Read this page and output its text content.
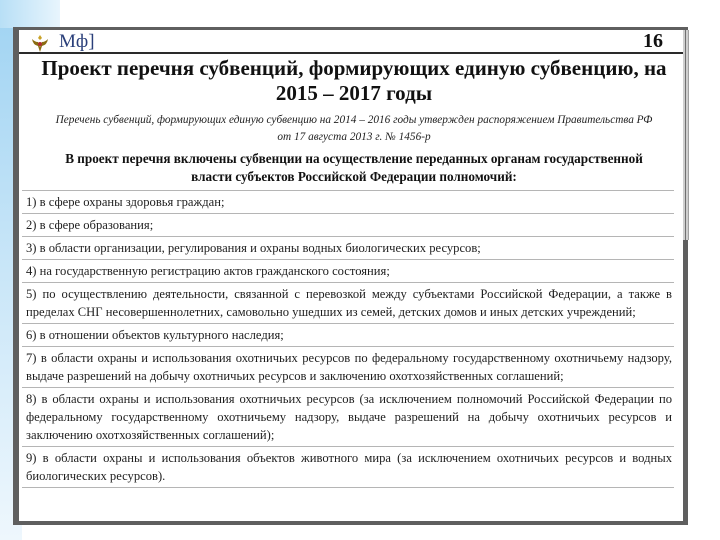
Мф]	16
Проект перечня субвенций, формирующих единую субвенцию, на 2015 – 2017 годы
Перечень субвенций, формирующих единую субвенцию на 2014 – 2016 годы утвержден распоряжением Правительства РФ от 17 августа 2013 г. № 1456-р
В проект перечня включены субвенции на осуществление переданных органам государственной власти субъектов Российской Федерации полномочий:
1) в сфере охраны здоровья граждан;
2) в сфере образования;
3) в области организации, регулирования и охраны водных биологических ресурсов;
4) на государственную регистрацию актов гражданского состояния;
5) по осуществлению деятельности, связанной с перевозкой между субъектами Российской Федерации, а также в пределах СНГ несовершеннолетних, самовольно ушедших из семей, детских домов и иных детских учреждений;
6) в отношении объектов культурного наследия;
7) в области охраны и использования охотничьих ресурсов по федеральному государственному охотничьему надзору, выдаче разрешений на добычу охотничьих ресурсов и заключению охотхозяйственных соглашений;
8) в области охраны и использования охотничьих ресурсов (за исключением полномочий Российской Федерации по федеральному государственному охотничьему надзору, выдаче разрешений на добычу охотничьих ресурсов и заключению охотхозяйственных соглашений);
9) в области охраны и использования объектов животного мира (за исключением охотничьих ресурсов и водных биологических ресурсов).
